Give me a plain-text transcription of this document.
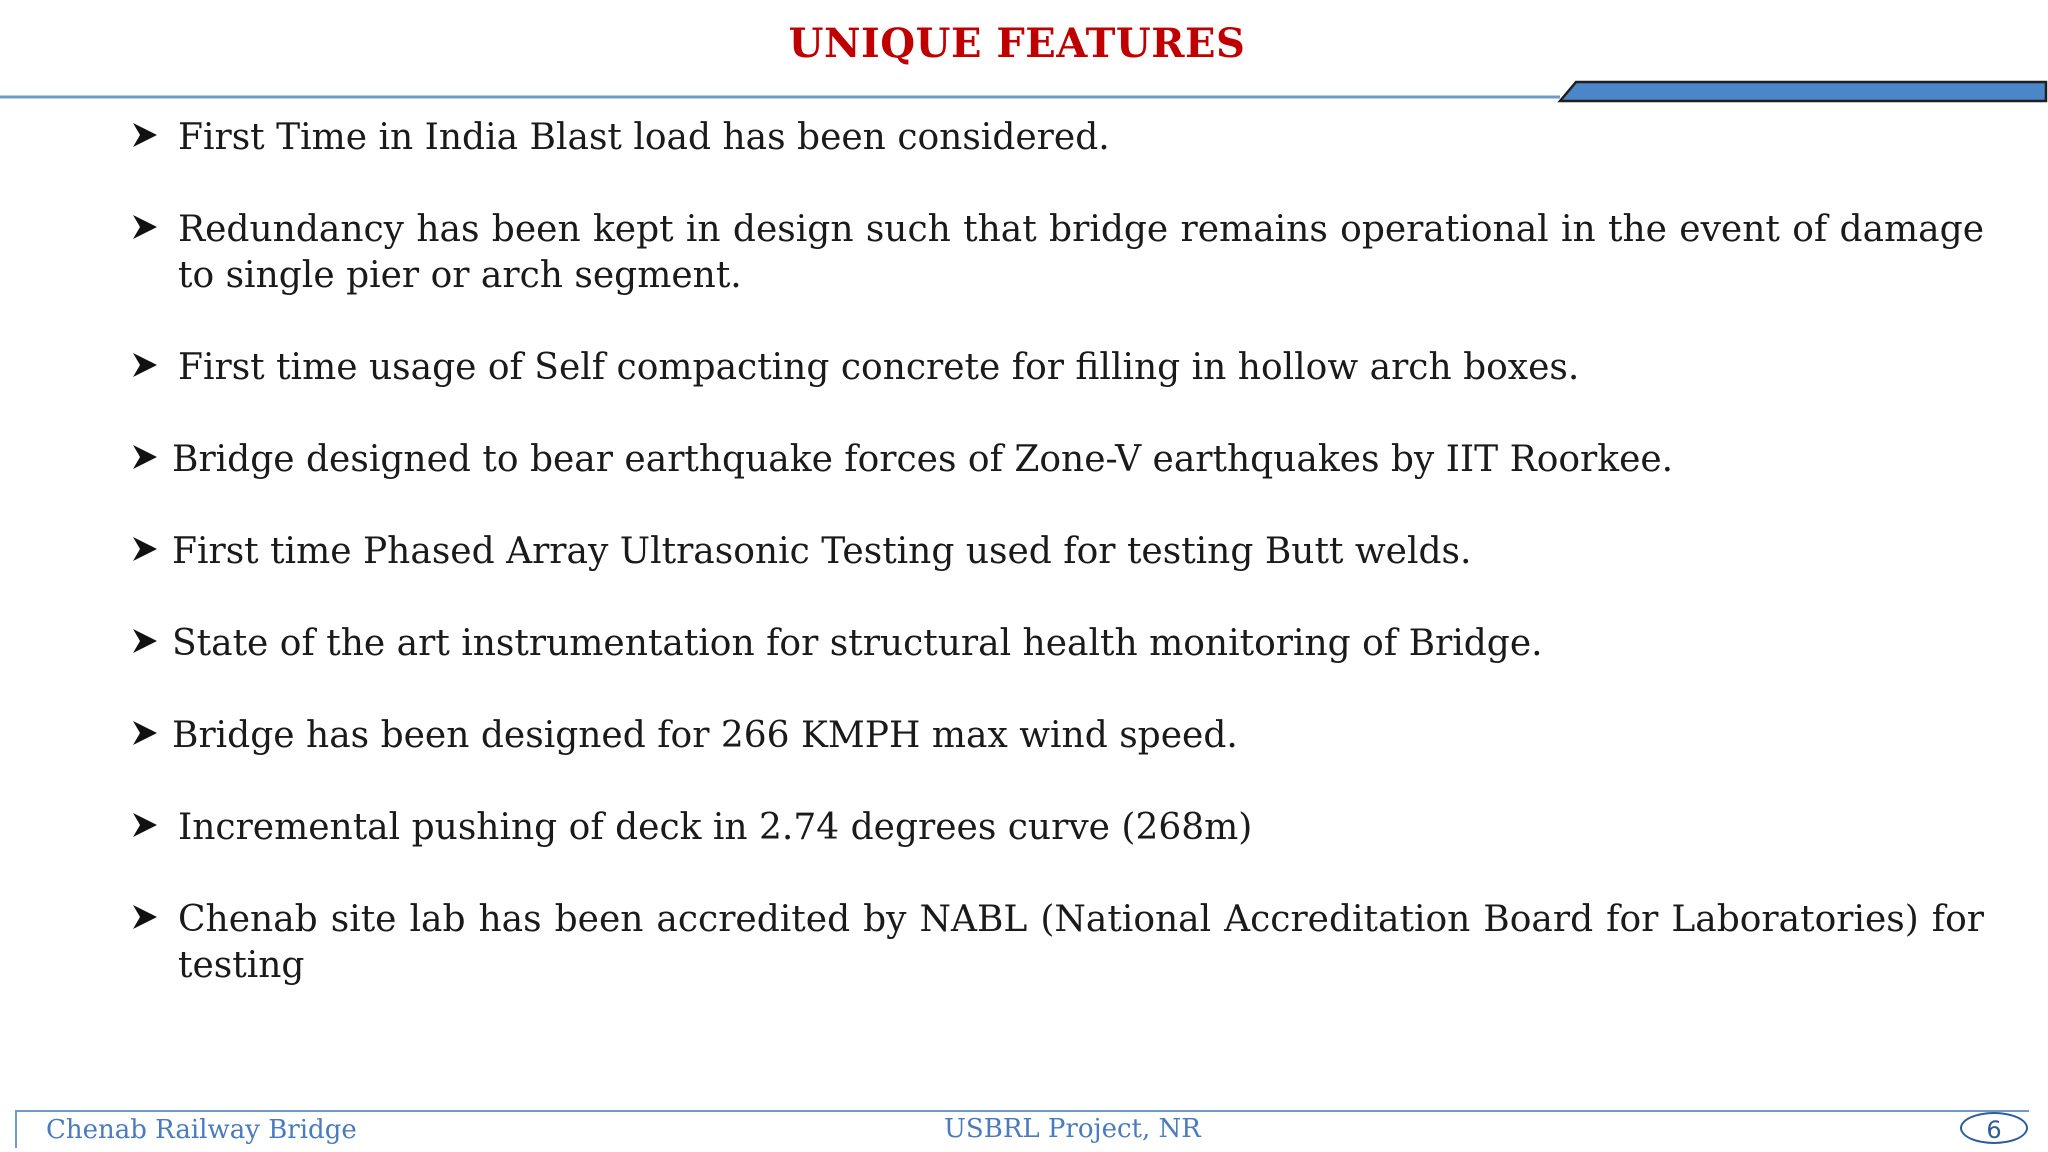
UNIQUE FEATURES
First Time in India Blast load has been considered.
Redundancy has been kept in design such that bridge remains operational in the event of damage to single pier or arch segment.
First time usage of Self compacting concrete for filling in hollow arch boxes.
Bridge designed to bear earthquake forces of Zone-V earthquakes by IIT Roorkee.
First time Phased Array Ultrasonic Testing used for testing Butt welds.
State of the art instrumentation for structural health monitoring of Bridge.
Bridge has been designed for 266 KMPH max wind speed.
Incremental pushing of deck in 2.74 degrees curve (268m)
Chenab site lab has been accredited by NABL (National Accreditation Board for Laboratories) for testing
Chenab Railway Bridge	USBRL Project, NR	6
